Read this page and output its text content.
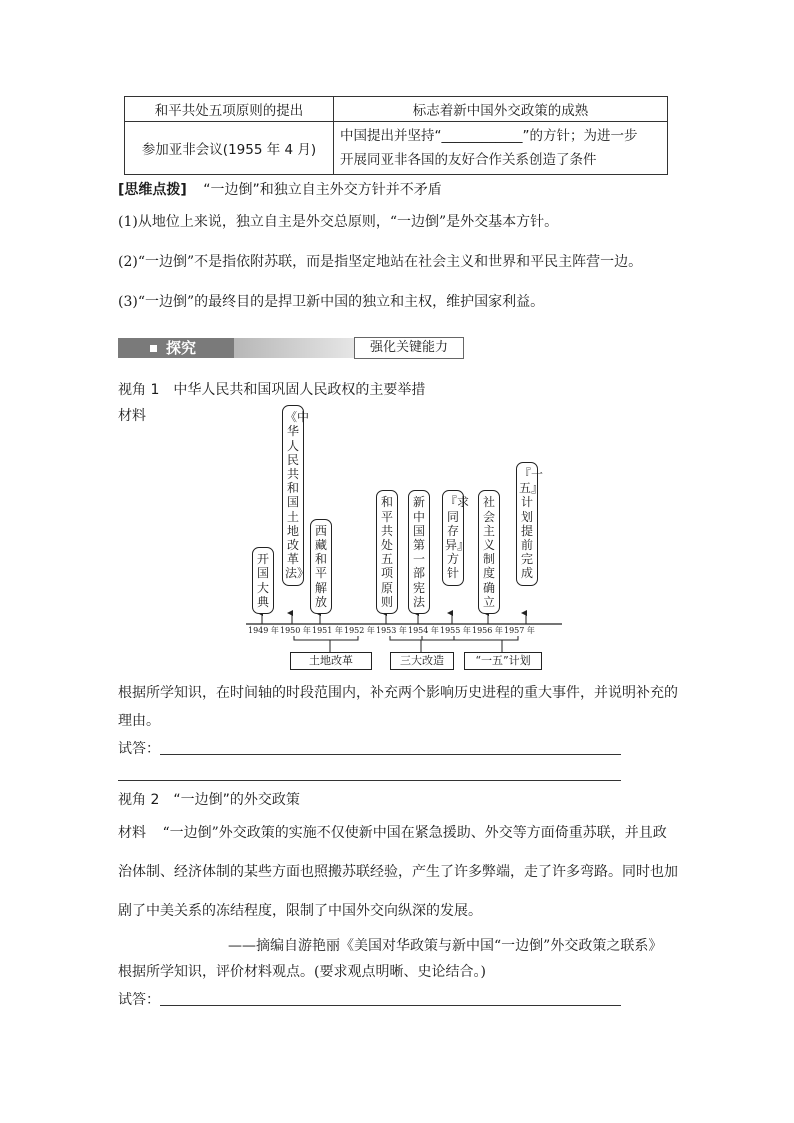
和平共处五项原则的提出	标志着新中国外交政策的成熟
参加亚非会议(1955 年 4 月)	中国提出并坚持“____________”的方针；为进一步
开展同亚非各国的友好合作关系创造了条件
[思维点拨] “一边倒”和独立自主外交方针并不矛盾
(1)从地位上来说，独立自主是外交总原则，“一边倒”是外交基本方针。
(2)“一边倒”不是指依附苏联，而是指坚定地站在社会主义和世界和平民主阵营一边。
(3)“一边倒”的最终目的是捍卫新中国的独立和主权，维护国家利益。
探究	强化关键能力
视角 1　中华人民共和国巩固人民政权的主要举措
材料
开国大典
《中华人民共和国土地改革法》
西藏和平解放
和平共处五项原则
新中国第一部宪法
『求同存异』方针
社会主义制度确立
『一五』计划提前完成
1949 年 1950 年 1951 年 1952 年 1953 年 1954 年 1955 年 1956 年 1957 年
土地改革	三大改造	“一五”计划
根据所学知识，在时间轴的时段范围内，补充两个影响历史进程的重大事件，并说明补充的
理由。
试答：
视角 2　“一边倒”的外交政策
材料 “一边倒”外交政策的实施不仅使新中国在紧急援助、外交等方面倚重苏联，并且政
治体制、经济体制的某些方面也照搬苏联经验，产生了许多弊端，走了许多弯路。同时也加
剧了中美关系的冻结程度，限制了中国外交向纵深的发展。
——摘编自游艳丽《美国对华政策与新中国“一边倒”外交政策之联系》
根据所学知识，评价材料观点。(要求观点明晰、史论结合。)
试答：
